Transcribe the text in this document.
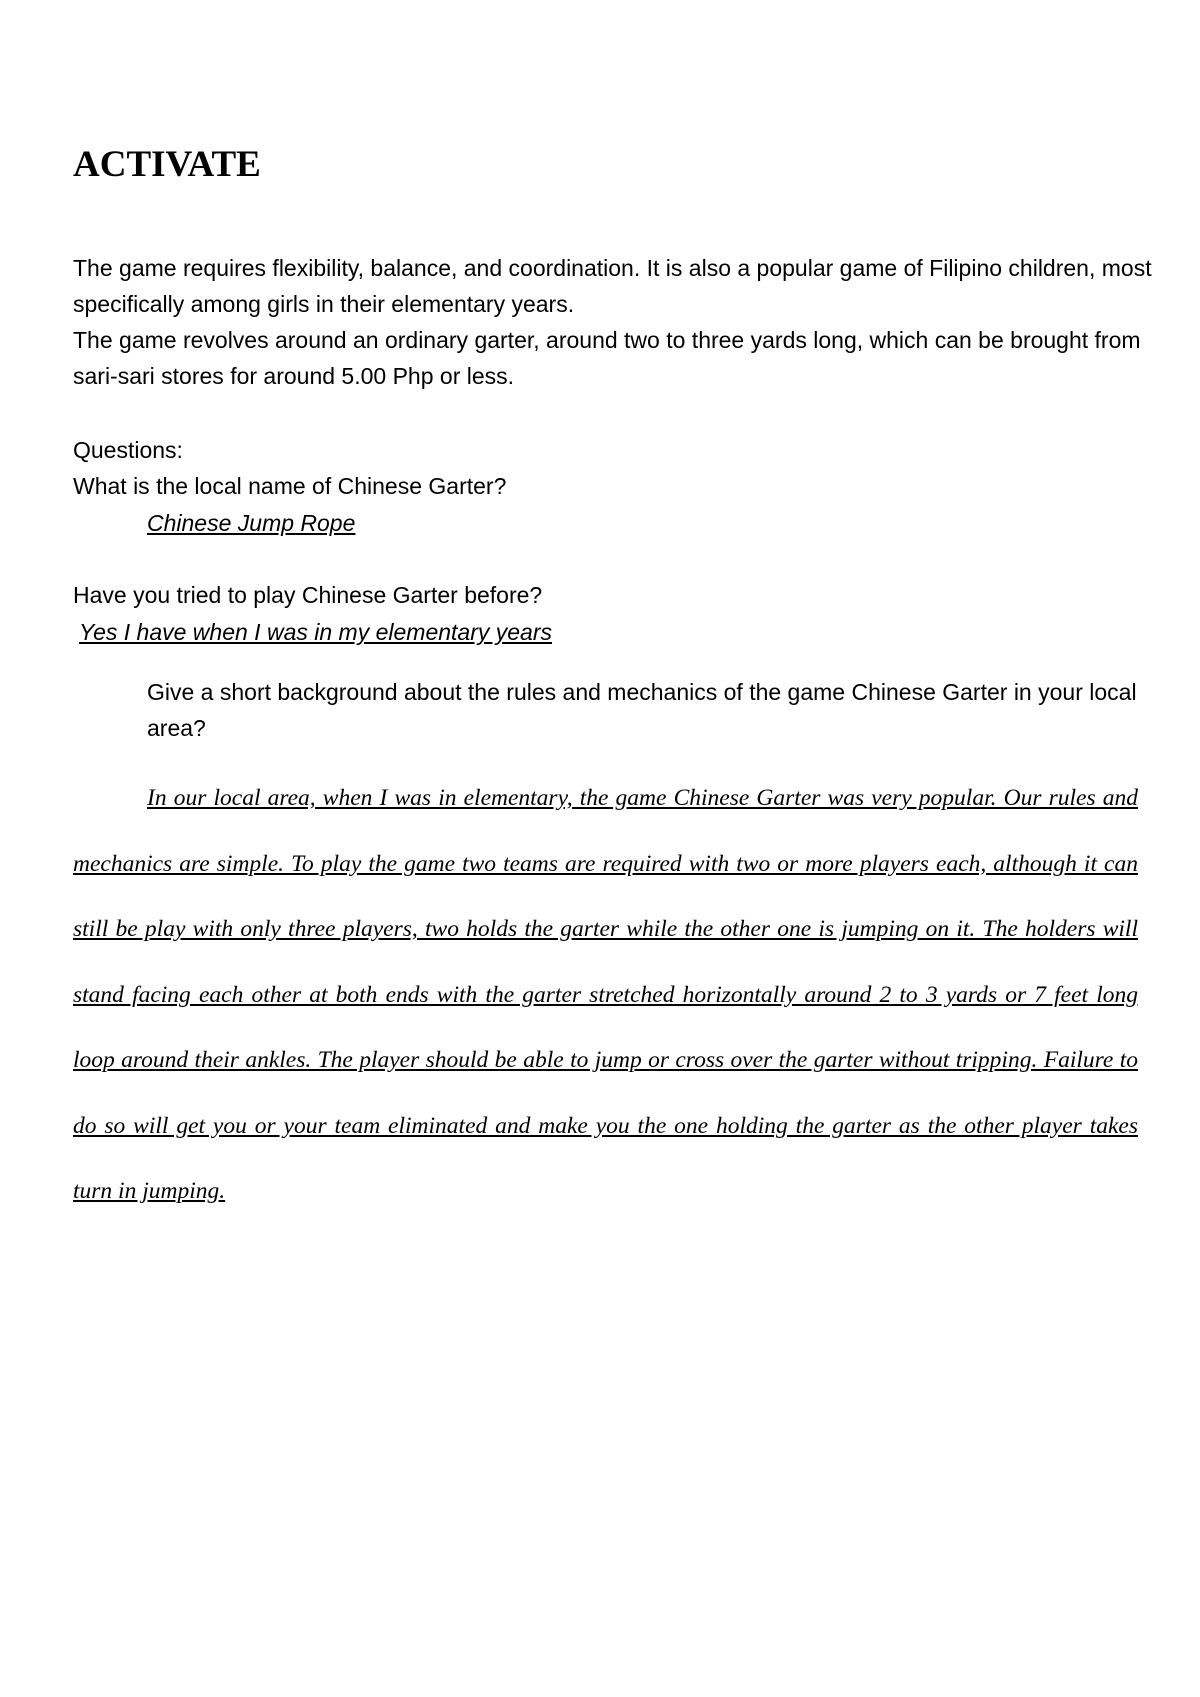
ACTIVATE

The game requires flexibility, balance, and coordination. It is also a popular game of Filipino children, most specifically among girls in their elementary years.

The game revolves around an ordinary garter, around two to three yards long, which can be brought from sari-sari stores for around 5.00 Php or less.

Questions:

What is the local name of Chinese Garter?

Chinese Jump Rope

Have you tried to play Chinese Garter before?

Yes I have when I was in my elementary years

Give a short background about the rules and mechanics of the game Chinese Garter in your local area?

In our local area, when I was in elementary, the game Chinese Garter was very popular. Our rules and mechanics are simple. To play the game two teams are required with two or more players each, although it can still be play with only three players, two holds the garter while the other one is jumping on it. The holders will stand facing each other at both ends with the garter stretched horizontally around 2 to 3 yards or 7 feet long loop around their ankles. The player should be able to jump or cross over the garter without tripping. Failure to do so will get you or your team eliminated and make you the one holding the garter as the other player takes turn in jumping.
